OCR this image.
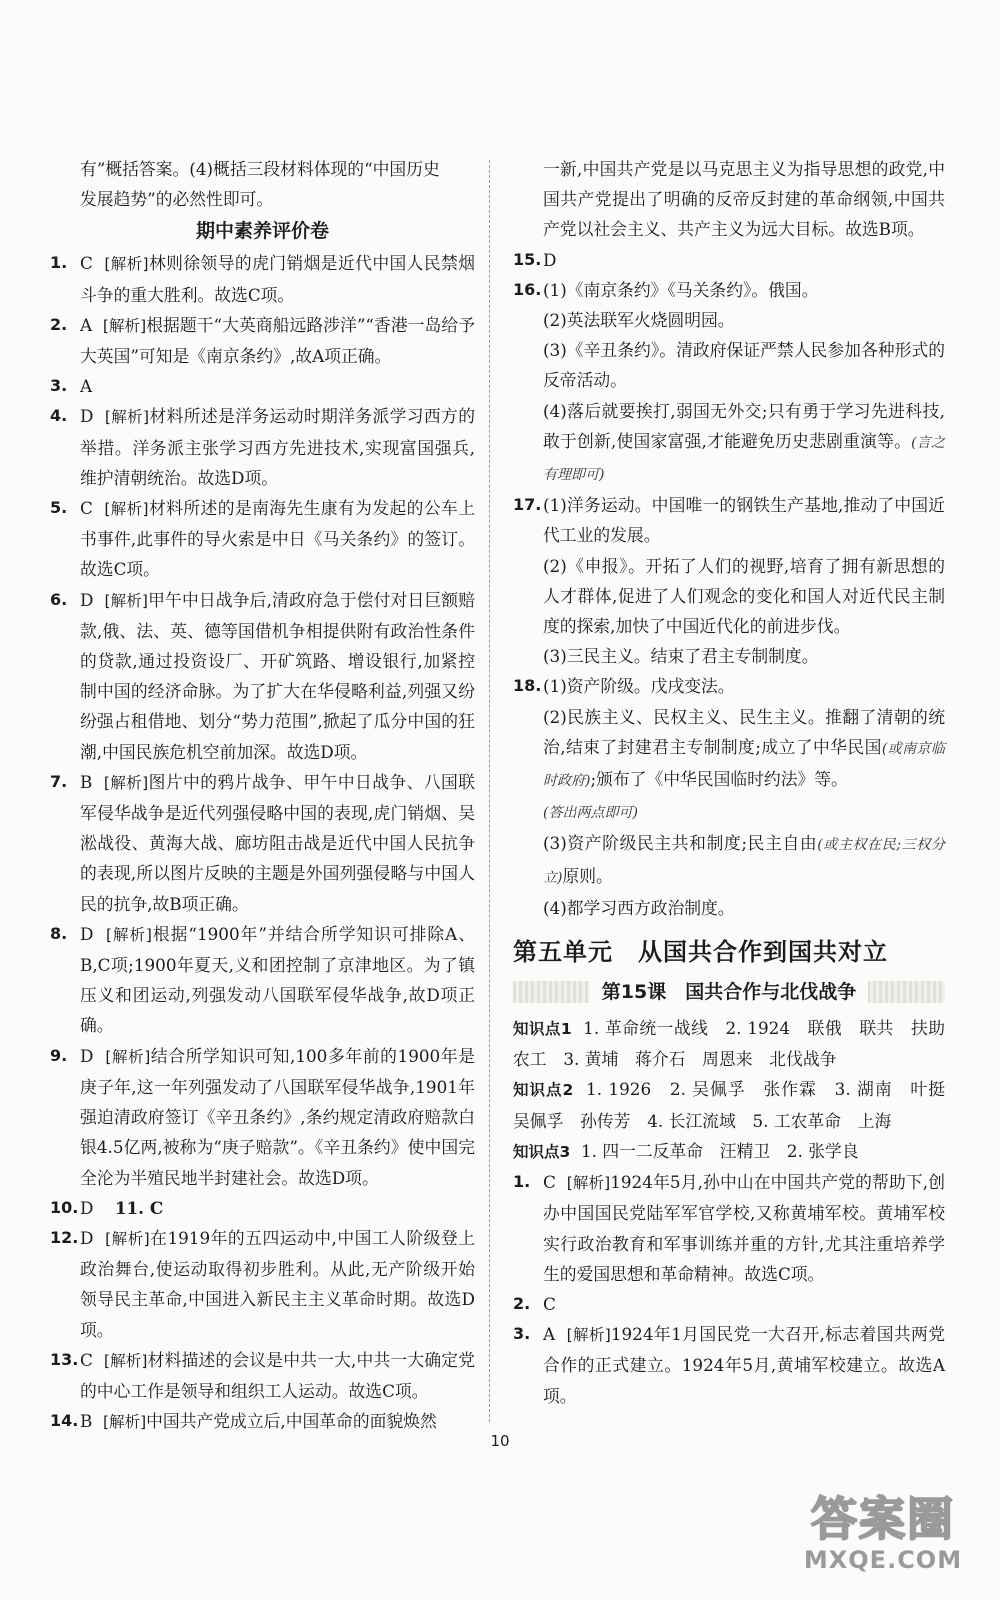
有”概括答案。(4)概括三段材料体现的“中国历史
发展趋势”的必然性即可。
期中素养评价卷
1. C [解析]林则徐领导的虎门销烟是近代中国人民禁烟斗争的重大胜利。故选C项。
2. A [解析]根据题干“大英商船远路涉洋”“香港一岛给予大英国”可知是《南京条约》,故A项正确。
3. A
4. D [解析]材料所述是洋务运动时期洋务派学习西方的举措。洋务派主张学习西方先进技术,实现富国强兵,维护清朝统治。故选D项。
5. C [解析]材料所述的是南海先生康有为发起的公车上书事件,此事件的导火索是中日《马关条约》的签订。故选C项。
6. D [解析]甲午中日战争后,清政府急于偿付对日巨额赔款,俄、法、英、德等国借机争相提供附有政治性条件的贷款,通过投资设厂、开矿筑路、增设银行,加紧控制中国的经济命脉。为了扩大在华侵略利益,列强又纷纷强占租借地、划分“势力范围”,掀起了瓜分中国的狂潮,中国民族危机空前加深。故选D项。
7. B [解析]图片中的鸦片战争、甲午中日战争、八国联军侵华战争是近代列强侵略中国的表现,虎门销烟、吴淞战役、黄海大战、廊坊阻击战是近代中国人民抗争的表现,所以图片反映的主题是外国列强侵略与中国人民的抗争,故B项正确。
8. D [解析]根据“1900年”并结合所学知识可排除A、B,C项;1900年夏天,义和团控制了京津地区。为了镇压义和团运动,列强发动八国联军侵华战争,故D项正确。
9. D [解析]结合所学知识可知,100多年前的1900年是庚子年,这一年列强发动了八国联军侵华战争,1901年强迫清政府签订《辛丑条约》,条约规定清政府赔款白银4.5亿两,被称为“庚子赔款”。《辛丑条约》使中国完全沦为半殖民地半封建社会。故选D项。
10. D 11. C
12. D [解析]在1919年的五四运动中,中国工人阶级登上政治舞台,使运动取得初步胜利。从此,无产阶级开始领导民主革命,中国进入新民主主义革命时期。故选D项。
13. C [解析]材料描述的会议是中共一大,中共一大确定党的中心工作是领导和组织工人运动。故选C项。
14. B [解析]中国共产党成立后,中国革命的面貌焕然
一新,中国共产党是以马克思主义为指导思想的政党,中国共产党提出了明确的反帝反封建的革命纲领,中国共产党以社会主义、共产主义为远大目标。故选B项。
15. D
16. (1)《南京条约》《马关条约》。俄国。
(2)英法联军火烧圆明园。
(3)《辛丑条约》。清政府保证严禁人民参加各种形式的反帝活动。
(4)落后就要挨打,弱国无外交;只有勇于学习先进科技,敢于创新,使国家富强,才能避免历史悲剧重演等。(言之有理即可)
17. (1)洋务运动。中国唯一的钢铁生产基地,推动了中国近代工业的发展。
(2)《申报》。开拓了人们的视野,培育了拥有新思想的人才群体,促进了人们观念的变化和国人对近代民主制度的探索,加快了中国近代化的前进步伐。
(3)三民主义。结束了君主专制制度。
18. (1)资产阶级。戊戌变法。
(2)民族主义、民权主义、民生主义。推翻了清朝的统治,结束了封建君主专制制度;成立了中华民国(或南京临时政府);颁布了《中华民国临时约法》等。
(答出两点即可)
(3)资产阶级民主共和制度;民主自由(或主权在民;三权分立)原则。
(4)都学习西方政治制度。
第五单元　从国共合作到国共对立
第15课　国共合作与北伐战争
知识点1 1. 革命统一战线　2. 1924　联俄　联共　扶助农工　3. 黄埔　蒋介石　周恩来　北伐战争
知识点2 1. 1926　2. 吴佩孚　张作霖　3. 湖南　叶挺　吴佩孚　孙传芳　4. 长江流域　5. 工农革命　上海
知识点3 1. 四一二反革命　汪精卫　2. 张学良
1. C [解析]1924年5月,孙中山在中国共产党的帮助下,创办中国国民党陆军军官学校,又称黄埔军校。黄埔军校实行政治教育和军事训练并重的方针,尤其注重培养学生的爱国思想和革命精神。故选C项。
2. C
3. A [解析]1924年1月国民党一大召开,标志着国共两党合作的正式建立。1924年5月,黄埔军校建立。故选A项。
10
答案圈
MXQE.COM
